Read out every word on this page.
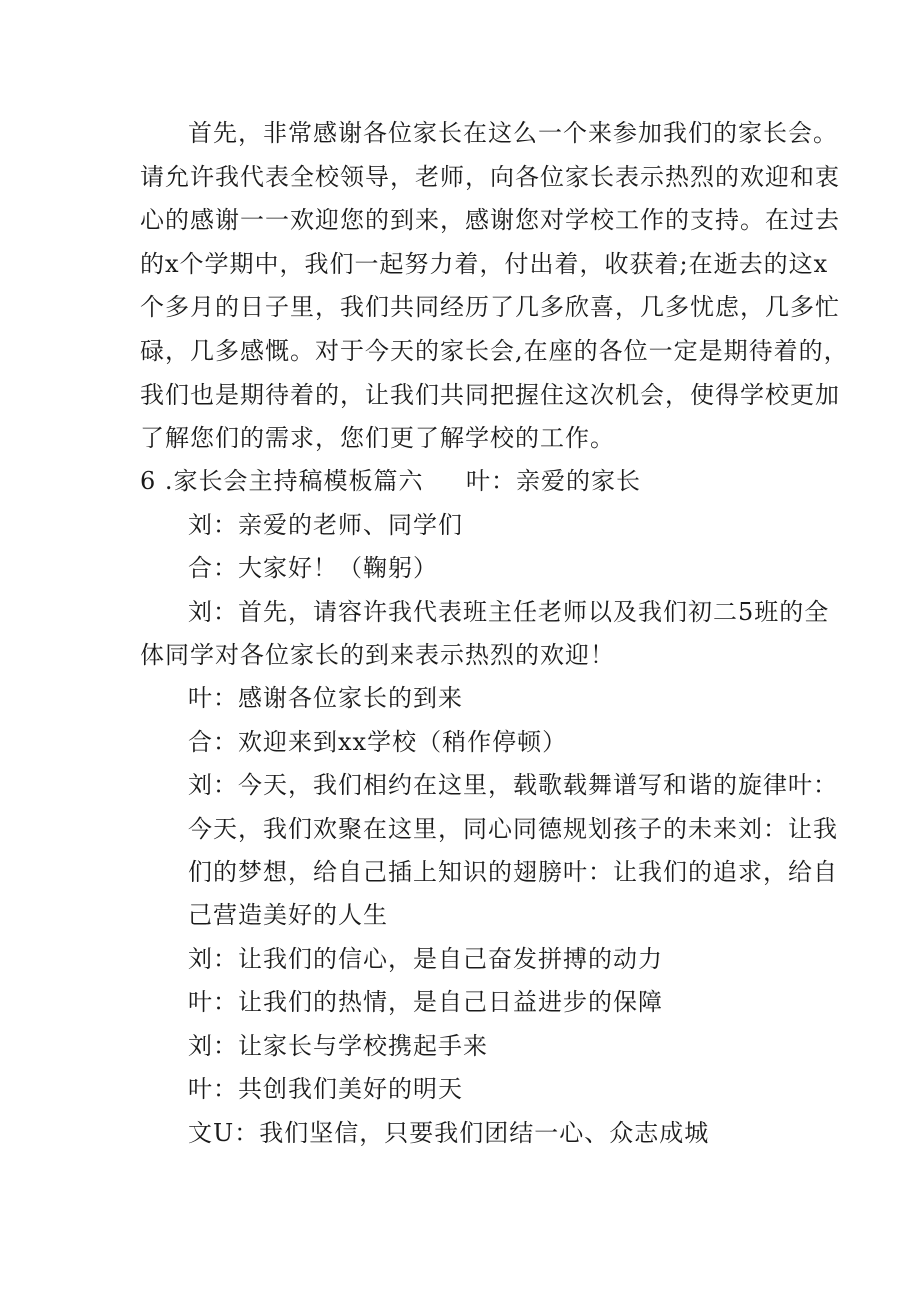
首先，非常感谢各位家长在这么一个来参加我们的家长会。
请允许我代表全校领导，老师，向各位家长表示热烈的欢迎和衷
心的感谢一一欢迎您的到来，感谢您对学校工作的支持。在过去
的x个学期中，我们一起努力着，付出着，收获着;在逝去的这x
个多月的日子里，我们共同经历了几多欣喜，几多忧虑，几多忙
碌，几多感慨。对于今天的家长会,在座的各位一定是期待着的，
我们也是期待着的，让我们共同把握住这次机会，使得学校更加
了解您们的需求，您们更了解学校的工作。
6 .家长会主持稿模板篇六 叶：亲爱的家长
刘：亲爱的老师、同学们
合：大家好！（鞠躬）
刘：首先，请容许我代表班主任老师以及我们初二5班的全
体同学对各位家长的到来表示热烈的欢迎！
叶：感谢各位家长的到来
合：欢迎来到xx学校（稍作停顿）
刘：今天，我们相约在这里，载歌载舞谱写和谐的旋律叶：
今天，我们欢聚在这里，同心同德规划孩子的未来刘：让我
们的梦想，给自己插上知识的翅膀叶：让我们的追求，给自
己营造美好的人生
刘：让我们的信心，是自己奋发拼搏的动力
叶：让我们的热情，是自己日益进步的保障
刘：让家长与学校携起手来
叶：共创我们美好的明天
文U：我们坚信，只要我们团结一心、众志成城
